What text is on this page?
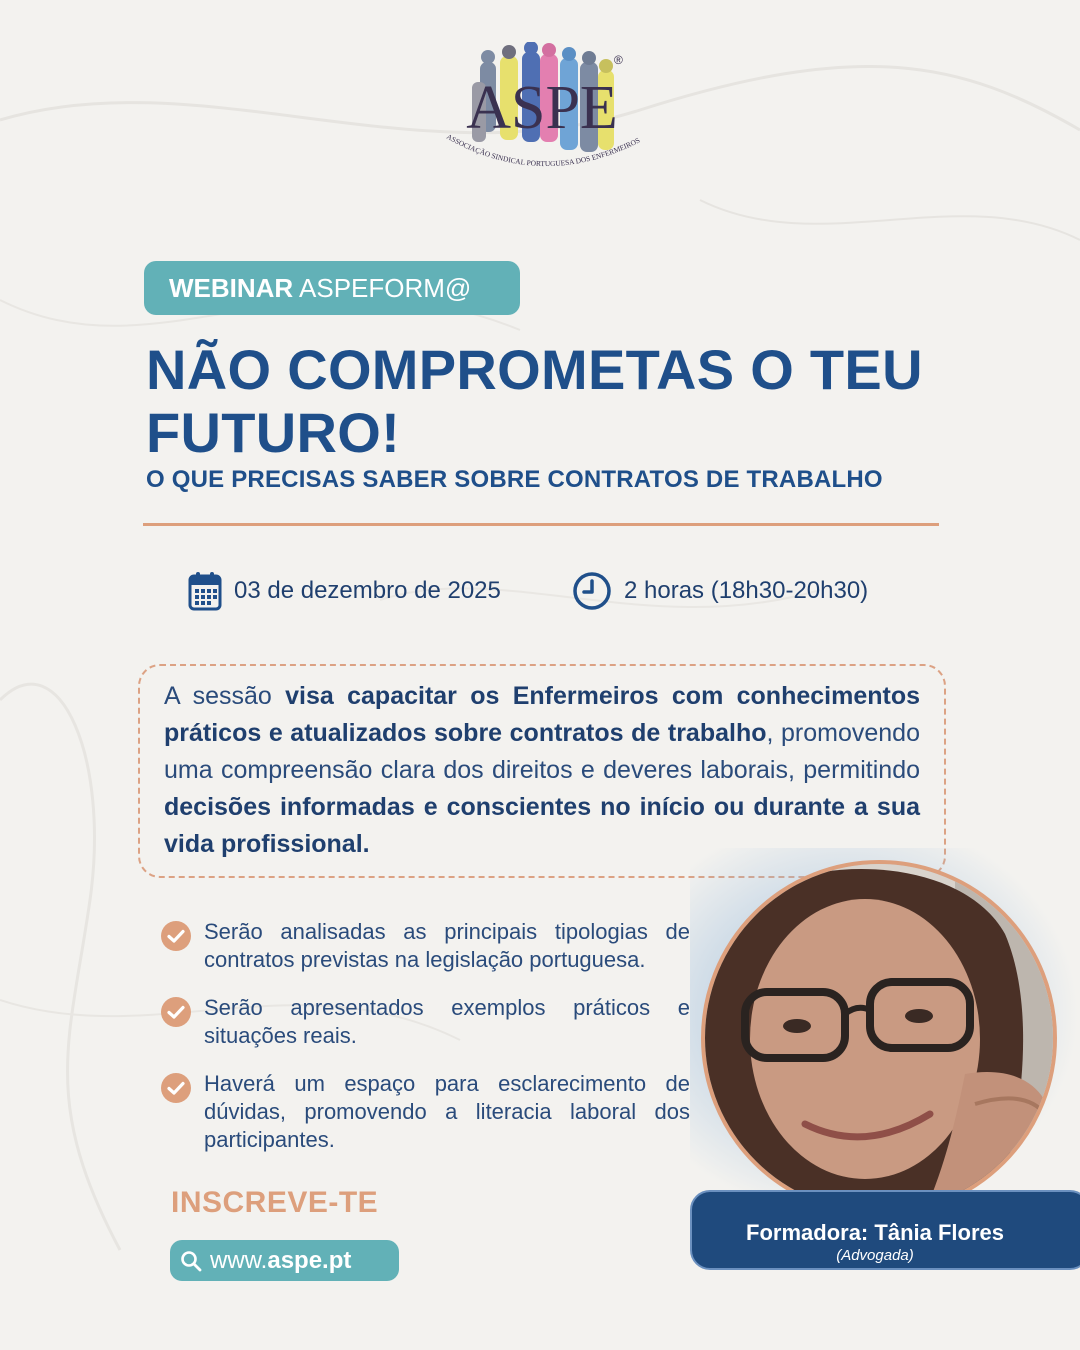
ASPE
®
ASSOCIAÇÃO SINDICAL PORTUGUESA DOS ENFERMEIROS
WEBINAR ASPEFORM@
NÃO COMPROMETAS O TEU FUTURO!
O QUE PRECISAS SABER SOBRE CONTRATOS DE TRABALHO
03 de dezembro de 2025	2 horas (18h30-20h30)

A sessão visa capacitar os Enfermeiros com conhecimentos práticos e atualizados sobre contratos de trabalho, promovendo uma compreensão clara dos direitos e deveres laborais, permitindo decisões informadas e conscientes no início ou durante a sua vida profissional.

Serão analisadas as principais tipologias de contratos previstas na legislação portuguesa.
Serão apresentados exemplos práticos e situações reais.
Haverá um espaço para esclarecimento de dúvidas, promovendo a literacia laboral dos participantes.
INSCREVE-TE
www.aspe.pt
Formadora: Tânia Flores
(Advogada)
